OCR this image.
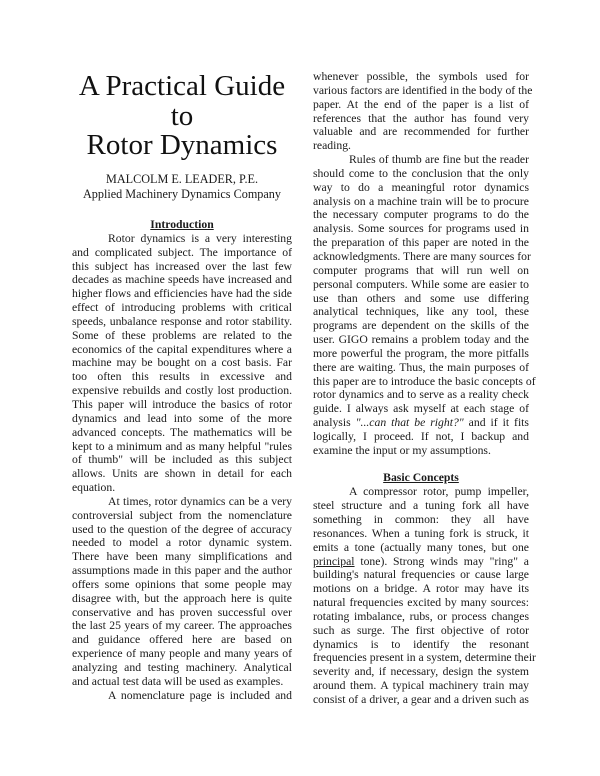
A Practical Guide
to
Rotor Dynamics
MALCOLM E. LEADER, P.E.
Applied Machinery Dynamics Company
Introduction
Rotor dynamics is a very interesting
and complicated subject. The importance of
this subject has increased over the last few
decades as machine speeds have increased and
higher flows and efficiencies have had the side
effect of introducing problems with critical
speeds, unbalance response and rotor stability.
Some of these problems are related to the
economics of the capital expenditures where a
machine may be bought on a cost basis. Far
too often this results in excessive and
expensive rebuilds and costly lost production.
This paper will introduce the basics of rotor
dynamics and lead into some of the more
advanced concepts. The mathematics will be
kept to a minimum and as many helpful "rules
of thumb" will be included as this subject
allows. Units are shown in detail for each
equation.
At times, rotor dynamics can be a very
controversial subject from the nomenclature
used to the question of the degree of accuracy
needed to model a rotor dynamic system.
There have been many simplifications and
assumptions made in this paper and the author
offers some opinions that some people may
disagree with, but the approach here is quite
conservative and has proven successful over
the last 25 years of my career. The approaches
and guidance offered here are based on
experience of many people and many years of
analyzing and testing machinery. Analytical
and actual test data will be used as examples.
A nomenclature page is included and
whenever possible, the symbols used for
various factors are identified in the body of the
paper. At the end of the paper is a list of
references that the author has found very
valuable and are recommended for further
reading.
Rules of thumb are fine but the reader
should come to the conclusion that the only
way to do a meaningful rotor dynamics
analysis on a machine train will be to procure
the necessary computer programs to do the
analysis. Some sources for programs used in
the preparation of this paper are noted in the
acknowledgments. There are many sources for
computer programs that will run well on
personal computers. While some are easier to
use than others and some use differing
analytical techniques, like any tool, these
programs are dependent on the skills of the
user. GIGO remains a problem today and the
more powerful the program, the more pitfalls
there are waiting. Thus, the main purposes of
this paper are to introduce the basic concepts of
rotor dynamics and to serve as a reality check
guide. I always ask myself at each stage of
analysis "...can that be right?" and if it fits
logically, I proceed. If not, I backup and
examine the input or my assumptions.
Basic Concepts
A compressor rotor, pump impeller,
steel structure and a tuning fork all have
something in common: they all have
resonances. When a tuning fork is struck, it
emits a tone (actually many tones, but one
principal tone). Strong winds may "ring" a
building's natural frequencies or cause large
motions on a bridge. A rotor may have its
natural frequencies excited by many sources:
rotating imbalance, rubs, or process changes
such as surge. The first objective of rotor
dynamics is to identify the resonant
frequencies present in a system, determine their
severity and, if necessary, design the system
around them. A typical machinery train may
consist of a driver, a gear and a driven such as
